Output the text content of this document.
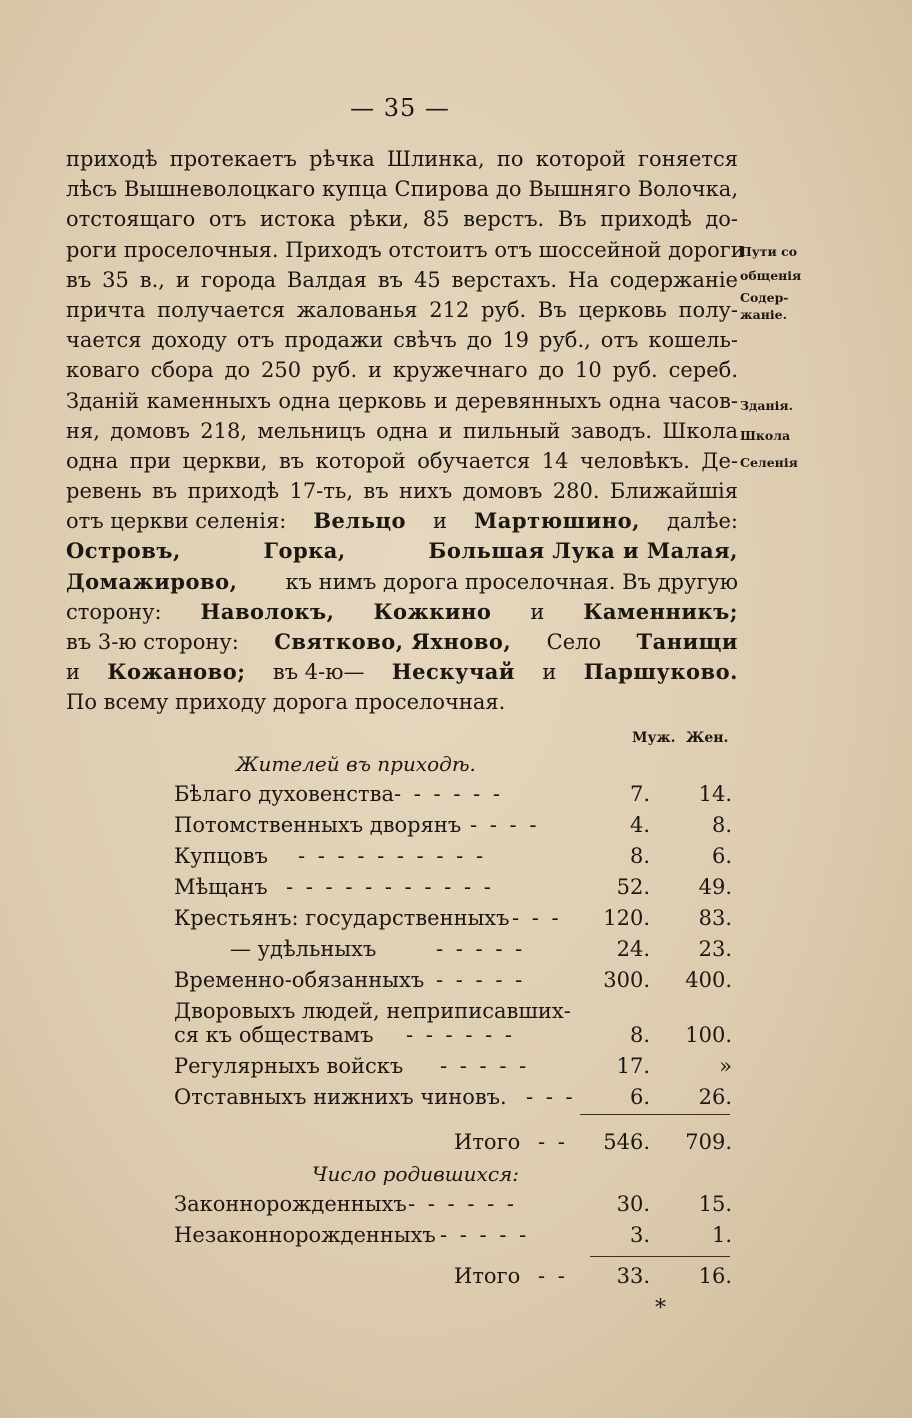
— 35 —
приходѣ протекаетъ рѣчка Шлинка, по которой гоняется
лѣсъ Вышневолоцкаго купца Спирова до Вышняго Волочка,
отстоящаго отъ истока рѣки, 85 верстъ. Въ приходѣ до-
роги проселочныя. Приходъ отстоитъ отъ шоссейной дороги
въ 35 в., и города Валдая въ 45 верстахъ. На содержаніе
причта получается жалованья 212 руб. Въ церковь полу-
чается доходу отъ продажи свѣчъ до 19 руб., отъ кошель-
коваго сбора до 250 руб. и кружечнаго до 10 руб. сереб.
Зданій каменныхъ одна церковь и деревянныхъ одна часов-
ня, домовъ 218, мельницъ одна и пильный заводъ. Школа
одна при церкви, въ которой обучается 14 человѣкъ. Де-
ревень въ приходѣ 17-ть, въ нихъ домовъ 280. Ближайшія
отъ церкви селенія: Вельцо и Мартюшино, далѣе:
Островъ,	Горка,	Большая Лука и Малая,
Домажирово, къ нимъ дорога проселочная. Въ другую
сторону: Наволокъ, Кожкино и Каменникъ;
въ 3-ю сторону: Святково, Яхново, Село Танищи
и Кожаново; въ 4-ю— Нескучай и Паршуково.
По всему приходу дорога проселочная.
Пути со
общенія
Содер-
жаніе.
Зданія.
Школа
Селенія
Муж. Жен.
Жителей въ приходѣ.
Бѣлаго духовенства - - - - - -	7. 14.
Потомственныхъ дворянъ - - - -	4.	8.
Купцовъ - - - - - - - - - -	8.	6.
Мѣщанъ - - - - - - - - - - -	52. 49.
Крестьянъ: государственныхъ - - - 120. 83.
— удѣльныхъ	- - - - -	24. 23.
Временно-обязанныхъ - - - - -	300. 400.
Дворовыхъ людей, неприписавших-
ся къ обществамъ - - - - - -	8. 100.
Регулярныхъ войскъ - - - - -	17.	»
Отставныхъ нижнихъ чиновъ. - - -	6. 26.
Итого - - 546. 709.
Число родившихся:
Законнорожденныхъ - - - - - -	30. 15.
Незаконнорожденныхъ - - - - -	3.	1.
Итого - - 33. 16.
*
